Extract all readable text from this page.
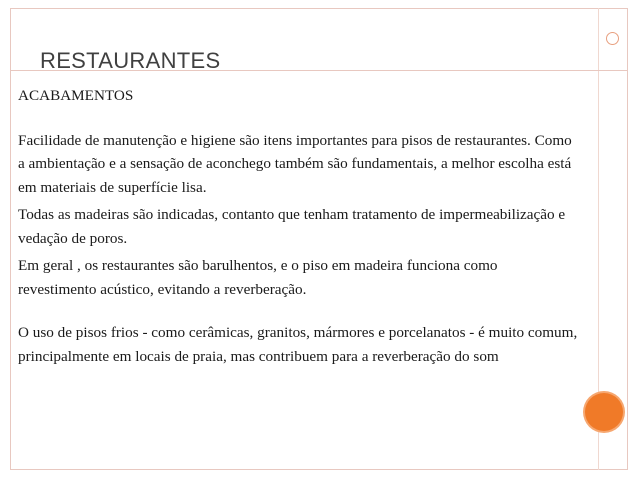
RESTAURANTES

ACABAMENTOS

Facilidade de manutenção e higiene são itens importantes para pisos de restaurantes. Como a ambientação e a sensação de aconchego também são fundamentais, a melhor escolha está em materiais de superfície lisa.

Todas as madeiras são indicadas, contanto que tenham tratamento de impermeabilização e vedação de poros.

Em geral , os restaurantes são barulhentos, e o piso em madeira funciona como revestimento acústico, evitando a reverberação.

O uso de pisos frios - como cerâmicas, granitos, mármores e porcelanatos - é muito comum, principalmente em locais de praia, mas contribuem para a reverberação do som
